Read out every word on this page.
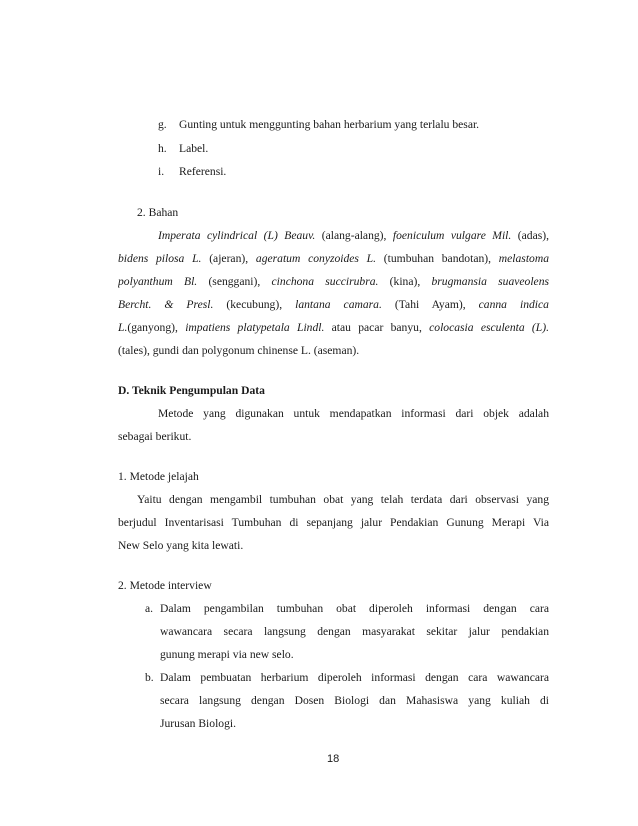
g. Gunting untuk menggunting bahan herbarium yang terlalu besar.
h. Label.
i. Referensi.
2. Bahan
Imperata cylindrical (L) Beauv. (alang-alang), foeniculum vulgare Mil. (adas),
bidens pilosa L. (ajeran), ageratum conyzoides L. (tumbuhan bandotan), melastoma
polyanthum Bl. (senggani), cinchona succirubra. (kina), brugmansia suaveolens
Bercht. & Presl. (kecubung), lantana camara. (Tahi Ayam), canna indica
L.(ganyong), impatiens platypetala Lindl. atau pacar banyu, colocasia esculenta (L).
(tales), gundi dan polygonum chinense L. (aseman).
D. Teknik Pengumpulan Data
Metode yang digunakan untuk mendapatkan informasi dari objek adalah
sebagai berikut.
1. Metode jelajah
Yaitu dengan mengambil tumbuhan obat yang telah terdata dari observasi yang
berjudul Inventarisasi Tumbuhan di sepanjang jalur Pendakian Gunung Merapi Via
New Selo yang kita lewati.
2. Metode interview
a. Dalam pengambilan tumbuhan obat diperoleh informasi dengan cara
wawancara secara langsung dengan masyarakat sekitar jalur pendakian
gunung merapi via new selo.
b. Dalam pembuatan herbarium diperoleh informasi dengan cara wawancara
secara langsung dengan Dosen Biologi dan Mahasiswa yang kuliah di
Jurusan Biologi.
18
